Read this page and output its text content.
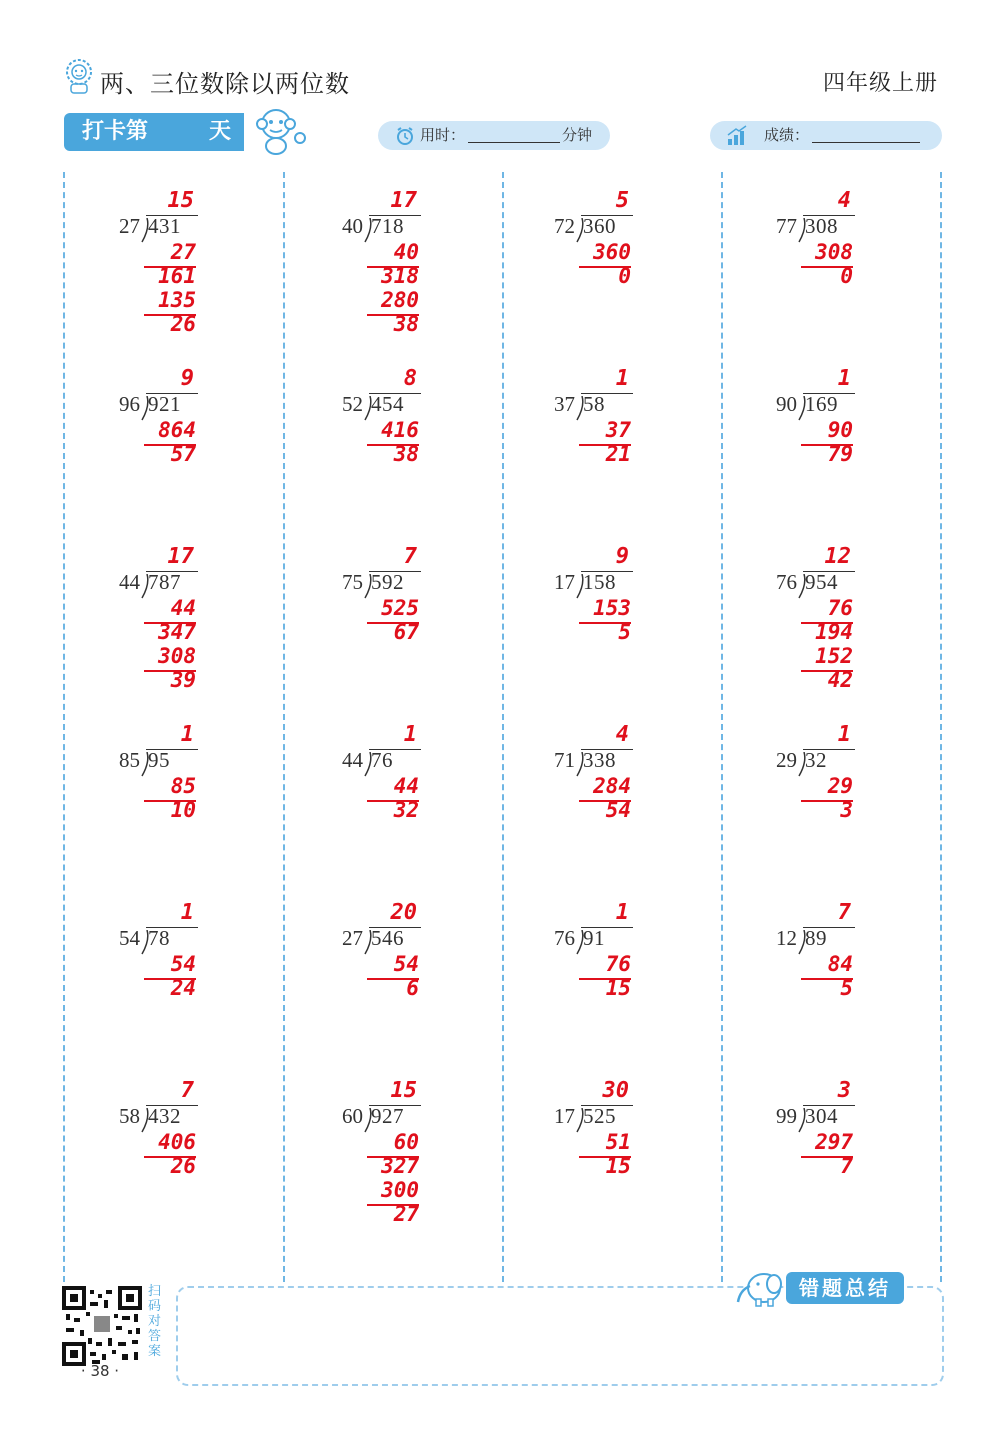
两、三位数除以两位数	四年级上册
打卡第	天	用时：	分钟	成绩：
27 431
15
27
161
135
26
40 718
17
40
318
280
38
72 360
5
360
0
77 308
4
308
0
96 921
9
864
57
52 454
8
416
38
37 58
1
37
21
90 169
1
90
79
44 787
17
44
347
308
39
75 592
7
525
67
17 158
9
153
5
76 954
12
76
194
152
42
85 95
1
85
10
44 76
1
44
32
71 338
4
284
54
29 32
1
29
3
54 78
1
54
24
27 546
20
54
6
76 91
1
76
15
12 89
7
84
5
58 432
7
406
26
60 927
15
60
327
300
27
17 525
30
51
15
99 304
3
297
7
错题总结
扫码对答案
· 38 ·
